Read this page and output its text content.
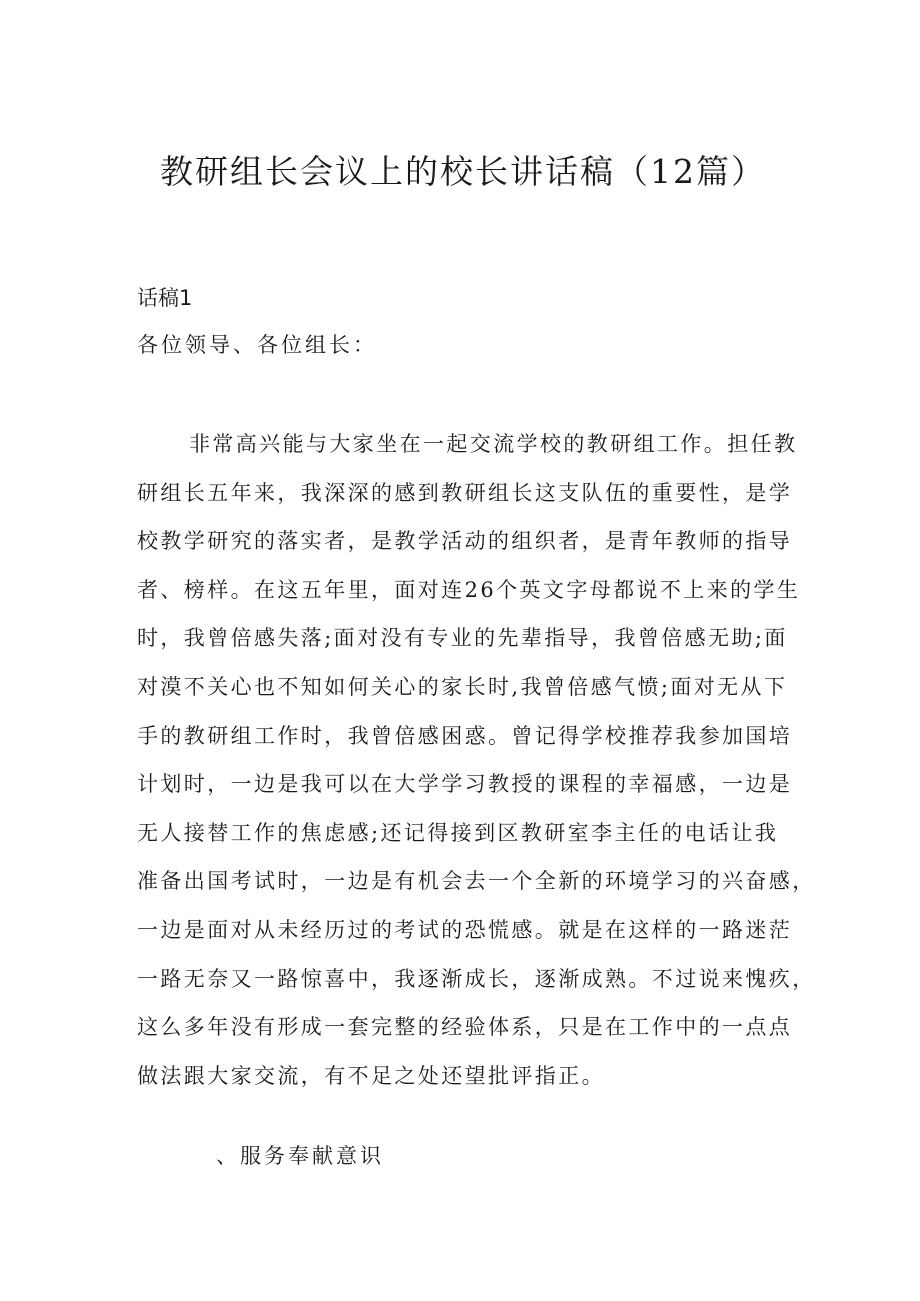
教研组长会议上的校长讲话稿（12篇）
话稿1
各位领导、各位组长：
非常高兴能与大家坐在一起交流学校的教研组工作。担任教
研组长五年来，我深深的感到教研组长这支队伍的重要性，是学
校教学研究的落实者，是教学活动的组织者，是青年教师的指导
者、榜样。在这五年里，面对连26个英文字母都说不上来的学生
时，我曾倍感失落;面对没有专业的先辈指导，我曾倍感无助;面
对漠不关心也不知如何关心的家长时,我曾倍感气愤;面对无从下
手的教研组工作时，我曾倍感困惑。曾记得学校推荐我参加国培
计划时，一边是我可以在大学学习教授的课程的幸福感，一边是
无人接替工作的焦虑感;还记得接到区教研室李主任的电话让我
准备出国考试时，一边是有机会去一个全新的环境学习的兴奋感，
一边是面对从未经历过的考试的恐慌感。就是在这样的一路迷茫
一路无奈又一路惊喜中，我逐渐成长，逐渐成熟。不过说来愧疚，
这么多年没有形成一套完整的经验体系，只是在工作中的一点点
做法跟大家交流，有不足之处还望批评指正。
、服务奉献意识
